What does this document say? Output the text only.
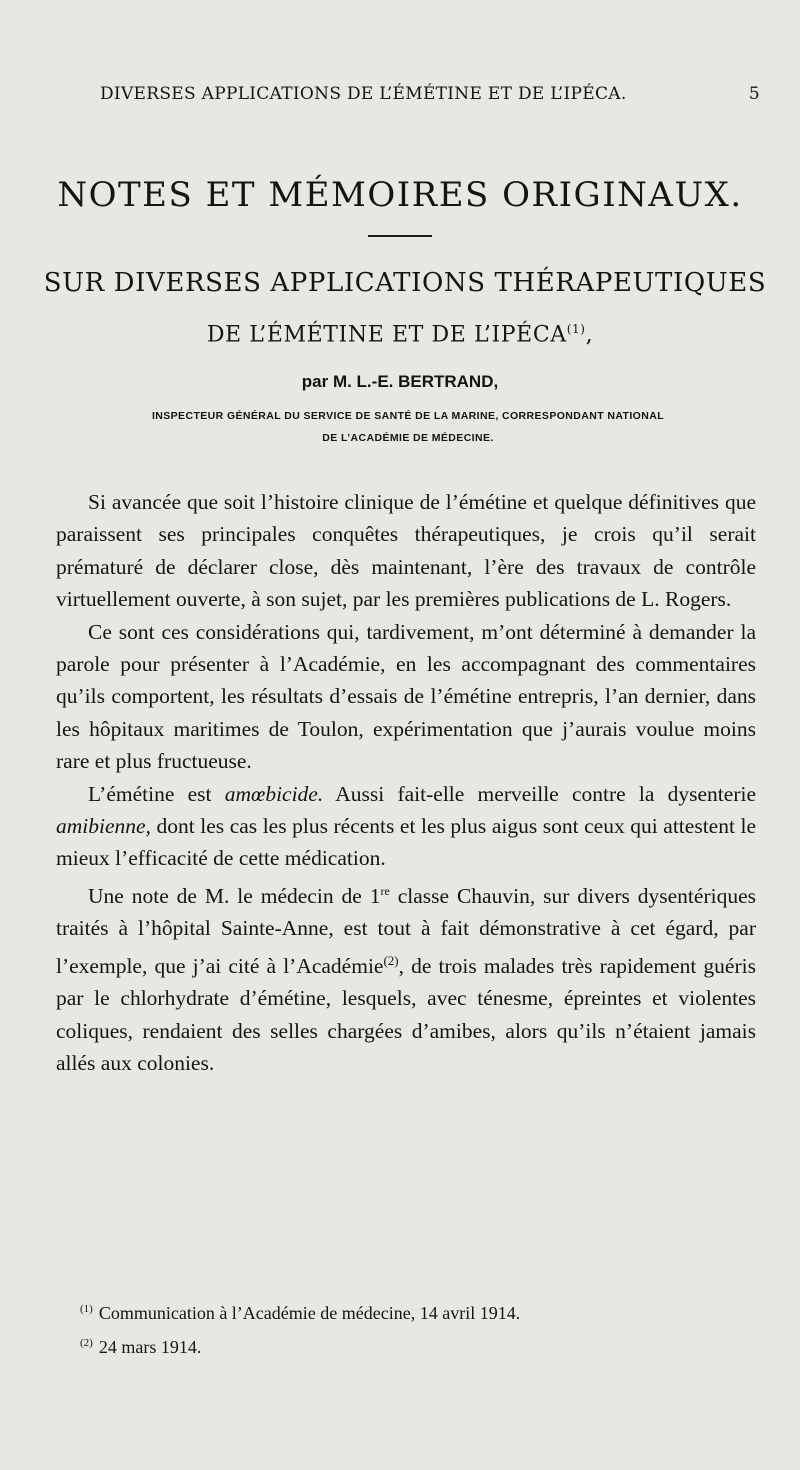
DIVERSES APPLICATIONS DE L’ÉMÉTINE ET DE L’IPÉCA.	5
NOTES ET MÉMOIRES ORIGINAUX.
SUR DIVERSES APPLICATIONS THÉRAPEUTIQUES
DE L’ÉMÉTINE ET DE L’IPÉCA$^{(1)}$,
par M. L.-E. BERTRAND,
INSPECTEUR GÉNÉRAL DU SERVICE DE SANTÉ DE LA MARINE, CORRESPONDANT NATIONAL
DE L’ACADÉMIE DE MÉDECINE.

Si avancée que soit l’histoire clinique de l’émétine et quelque définitives que paraissent ses principales conquêtes thérapeutiques, je crois qu’il serait prématuré de déclarer close, dès maintenant, l’ère des travaux de contrôle virtuellement ouverte, à son sujet, par les premières publications de L. Rogers.

Ce sont ces considérations qui, tardivement, m’ont déterminé à demander la parole pour présenter à l’Académie, en les accompagnant des commentaires qu’ils comportent, les résultats d’essais de l’émétine entrepris, l’an dernier, dans les hôpitaux maritimes de Toulon, expérimentation que j’aurais voulue moins rare et plus fructueuse.

L’émétine est amœbicide. Aussi fait-elle merveille contre la dysenterie amibienne, dont les cas les plus récents et les plus aigus sont ceux qui attestent le mieux l’efficacité de cette médication.

Une note de M. le médecin de 1re classe Chauvin, sur divers dysentériques traités à l’hôpital Sainte-Anne, est tout à fait démonstrative à cet égard, par l’exemple, que j’ai cité à l’Académie$^{(2)}$, de trois malades très rapidement guéris par le chlorhydrate d’émétine, lesquels, avec ténesme, épreintes et violentes coliques, rendaient des selles chargées d’amibes, alors qu’ils n’étaient jamais allés aux colonies.

$^{(1)}$ Communication à l’Académie de médecine, 14 avril 1914.
$^{(2)}$ 24 mars 1914.
